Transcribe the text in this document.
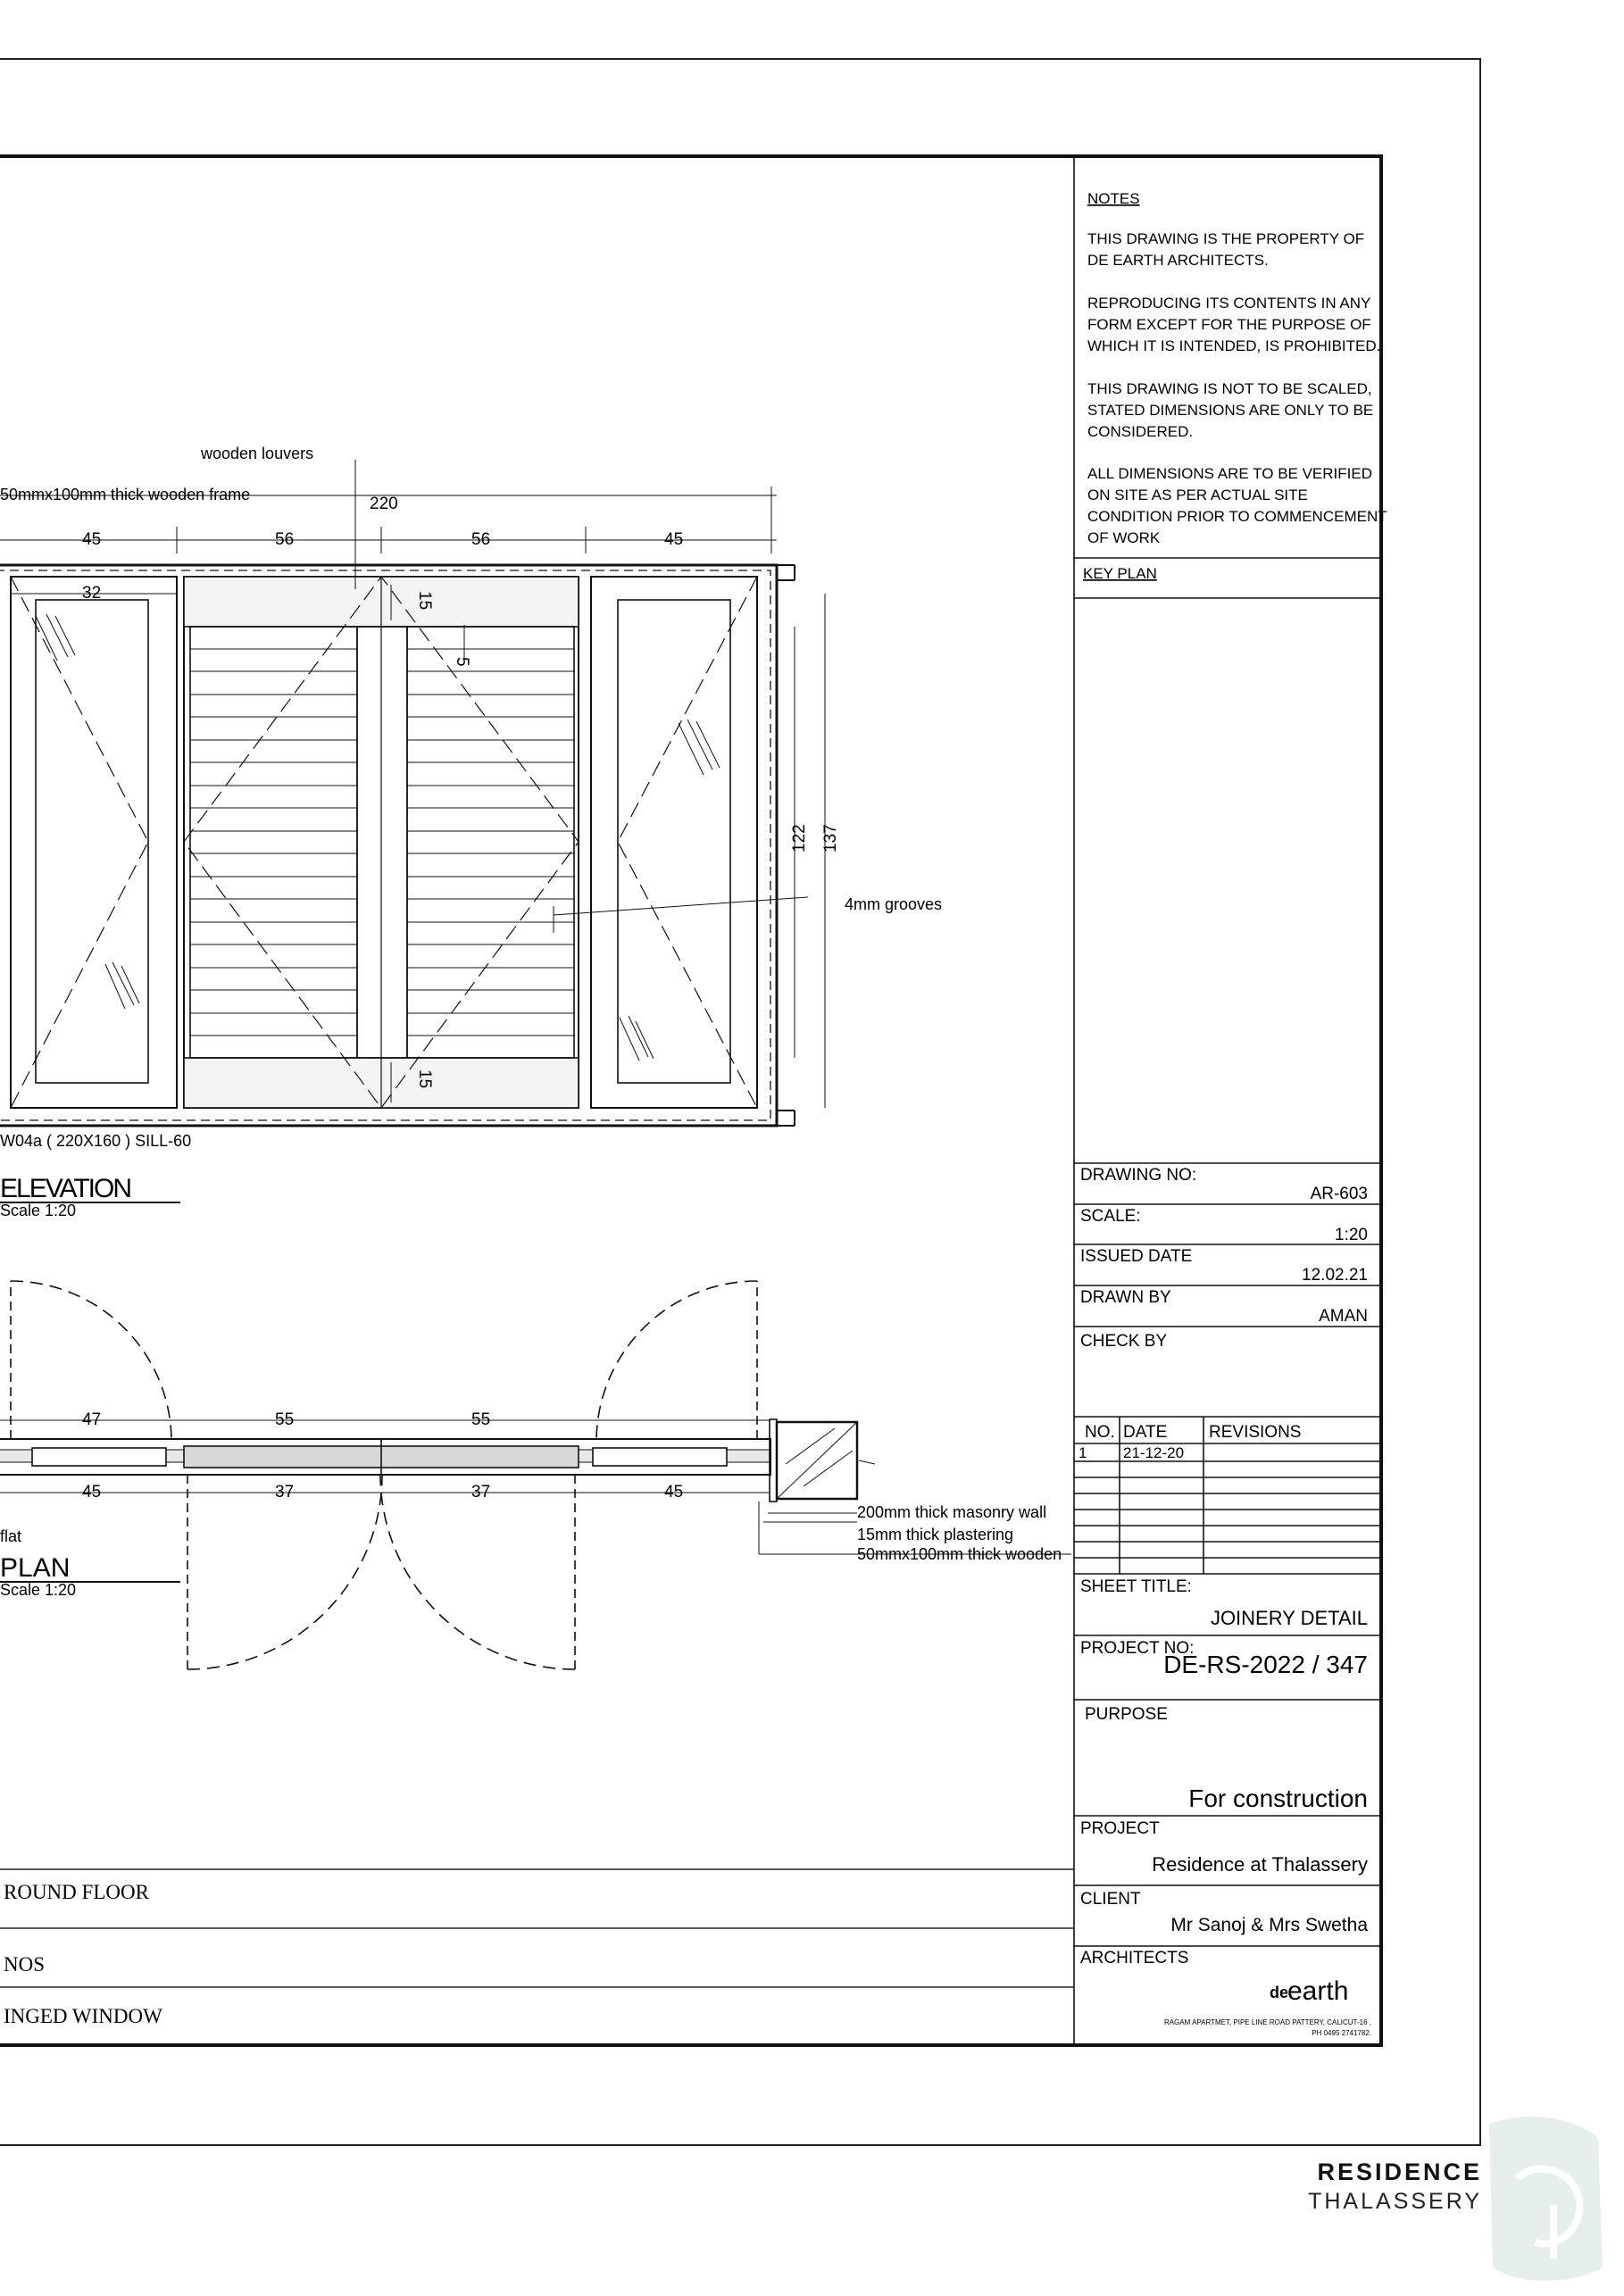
NOTES
THIS DRAWING IS THE PROPERTY OF
DE EARTH ARCHITECTS.
REPRODUCING ITS CONTENTS IN ANY
FORM EXCEPT FOR THE PURPOSE OF
WHICH IT IS INTENDED, IS PROHIBITED.
THIS DRAWING IS NOT TO BE SCALED,
STATED DIMENSIONS ARE ONLY TO BE
CONSIDERED.
ALL DIMENSIONS ARE TO BE VERIFIED
ON SITE AS PER ACTUAL SITE
CONDITION PRIOR TO COMMENCEMENT
OF WORK
KEY PLAN
DRAWING NO:
AR-603
SCALE:
1:20
ISSUED DATE
12.02.21
DRAWN BY
AMAN
CHECK BY
NO. DATE REVISIONS
1 21-12-20
SHEET TITLE:
JOINERY DETAIL
PROJECT NO:
DE-RS-2022 / 347
PURPOSE
For construction
PROJECT
Residence at Thalassery
CLIENT
Mr Sanoj & Mrs Swetha
ARCHITECTS
de
earth
RAGAM APARTMET, PIPE LINE ROAD PATTERY, CALICUT-16 ,
PH 0495 2741782.
wooden louvers
50mmx100mm thick wooden frame	220
45	56	56	45
32	15
5
15
122 137
4mm grooves
W04a ( 220X160 ) SILL-60
ELEVATION
Scale 1:20
47	55	55
45	37	37	45
200mm thick masonry wall
15mm thick plastering
50mmx100mm thick wooden
flat
PLAN
Scale 1:20
ROUND FLOOR
NOS
INGED WINDOW
RESIDENCE
THALASSERY
